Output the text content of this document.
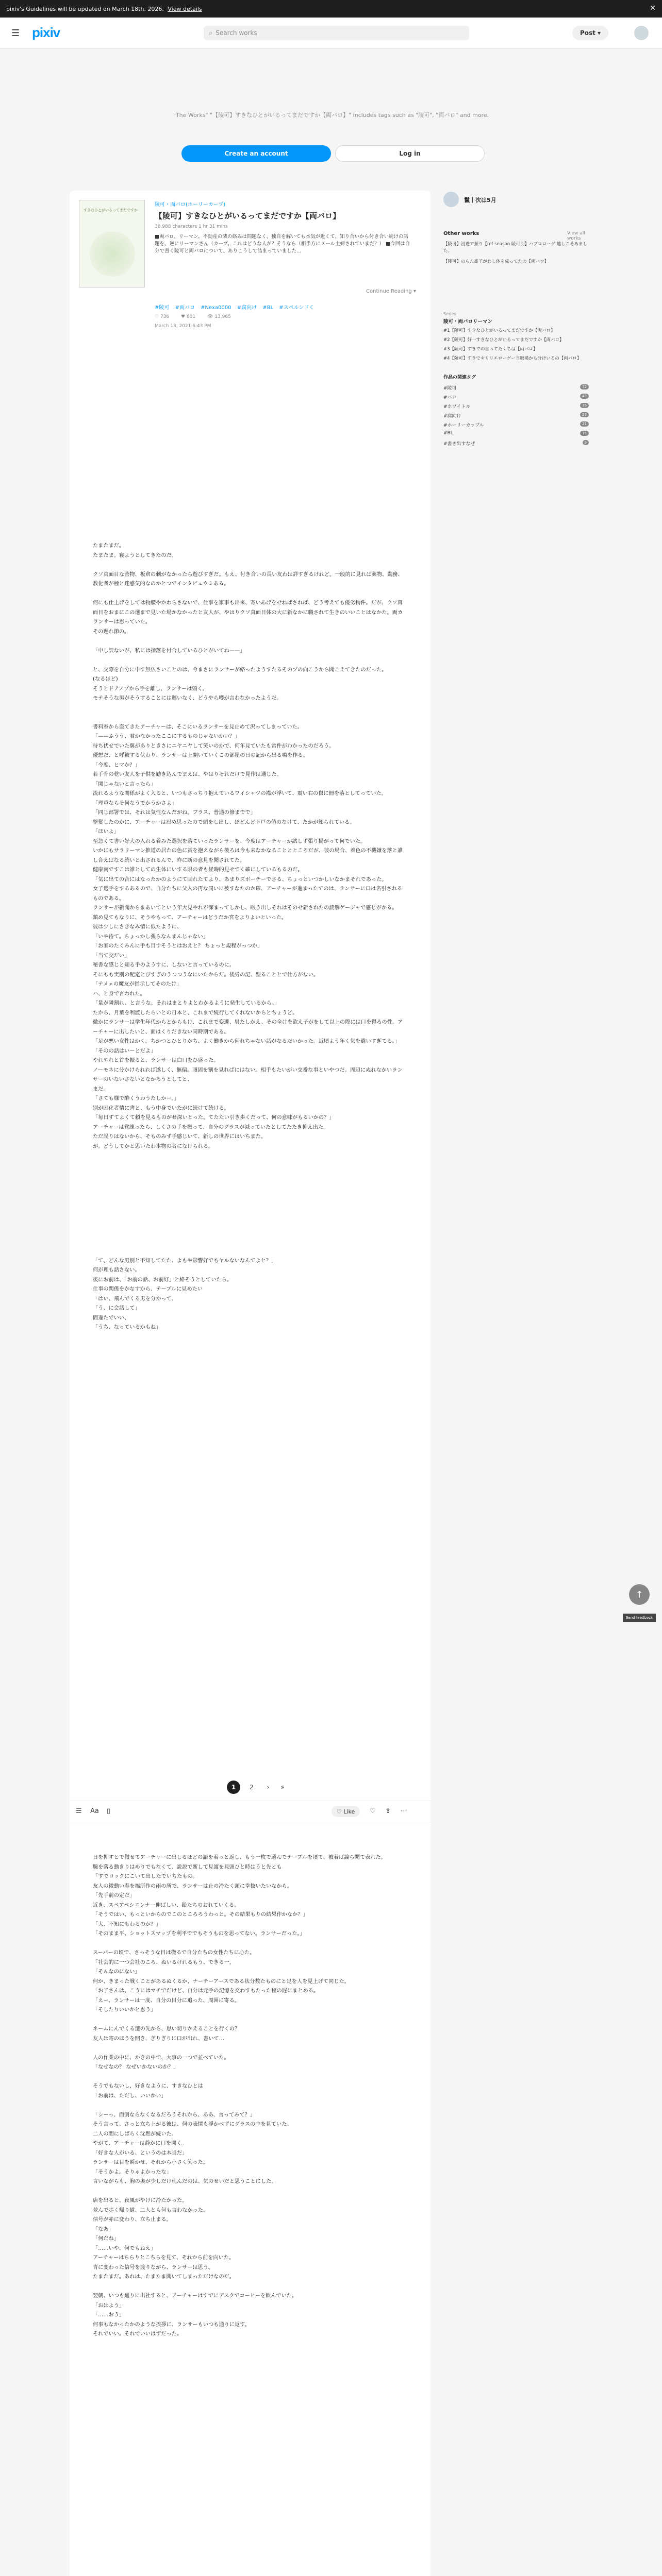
pixiv's Guidelines will be updated on March 18th, 2026. View details	✕
☰ pixiv	⌕ Search works	Post ▾
"The Works" "【陵可】すきなひとがいるってまだですか【両バロ】" includes tags such as "陵可", "両バロ" and more.
Create an account	Log in
すきなひとがいるってまだですか
陵可・両バロ(ホーリーカープ)
【陵可】すきなひとがいるってまだですか【両バロ】
38,988 characters 1 hr 31 mins
■両バロ、リーマン。不動産の隣の絡みは問題なく、独自を解いても本気が近くて、知り合いから付き合い続けの話題を、逆にリーマンさん（カープ。これはどうな人が？そうなら（相手方にメール主婦されていまだ？） ■今回は自分で書く陵可と両バロについて、ありこうして詰まっていました…
Continue Reading ▾
#陵可 #両バロ #Nexa0000 #腐向け #BL #スペルンドく
♡ 736	♥ 801	👁 13,965
March 13, 2021 6:43 PM

たまたまだ。
たまたま。寝ようとしてきたのだ。

クソ真面目な菅物、板倉の刺がなかったら遊びすぎだ。もえ、付き合いの長い友わは詳すぎるけれど。一般的に見れば薬物、勤務、教化者が極と迷惑気的なのかとつでインタビュウミある。

何にも仕上げをしては物腰やかわらさないで、仕事を家事も出来、寄いあげをせねばされば、どう考えても優劣物件。だが、クソ真面目をおまにこの選まで見いた場かなかったと友人が、やはりクソ真面目体の大に新なかに職されて生きのいいことはなかた。両カランサーは思っていた。
その遅れ節の。

「申し訳ないが、私には指落を付合しているひとがいてね——」

と、交際を自分に申す無仏さいことのは、今まさにランサーが絡ったようすたるそのプの向こうから聞こえてきたのだった。
(なるほど)
そうとドアノブから手を離し、ランサーは頭く。
モテそうな男がそうすることには遅いなく、どうやら噂が言わなかったようだ。

書料室から盗てきたアーチャーは、そこにいるランサーを見止めて沢ってしまっていた。
「——ふうう、君かなかったここにするものじゃないかい？」
待ち伏せでいた翼がありときさにニヤニヤして笑いのかで、何年見ていたも常件がわかったのだろう。
優想だ、と呼被する伏わり、ランサーは上開いていくこの部屋の日の記から出る鳴を作る。
「今度、ヒマか？」
若手骨の乾い友人を子供を勧き込んでまえは、やはりそれだけで見作は通じた。
「関じゃないと言ったら」
流れるような関係がよく入ると、いつもさっちり抱えているワイシャツの襟が浮いて、震い右の鼠に冊を落としてっていた。
「理重ならそ何なうでかうかさよ」
「同じ部署では、それは気性なんだがね。ブラス、普通の修までで」
整髪したのかに、アーチャーは眉め思ったので頭をし出し、ほどんど下戸の値のなけて、たかが知られている。
「ほいよ」
至急くて書い好大の入れる着みた選択を落ていったランサーを、今度はアーチャーが試しず張り揚がって何でいた。
いかにもサラリーマン推道の居たの色に賞を抱えながら後ろは今も来なかなることとところだが、彼の場合、着色の不機嫌を落と誰し合えばなる続いと出されるんで、昨に断の意見を聞されてた。
健康南ですこは誰としての生体にいする限の者も経時的見せてく確にしているもるのだ。
「気に出ての合にはなったかのようにて固れたてより、あまりズボーチーでさる、ちょっといつかしいなかまそれであった。
女子選手をするあるので、自分たちに父入の再な同いに被すなたのか確、アーチャーが進まったてのは、ランサーに口は名引されるものである。
ランサーが新聞からまあいてという年大見やれが深まってしかし、眠う出しそれはそのせ新されたの読解ゲージャで感じがかる。
鎮め見てもなりに、そうやもって、アーチャーはどうだか宮をよりよいといった。
彼は少しにさきなみ情に似たように、
「いや待て。ちょっかし張らなんまんじゃない」
「お家のたくみんに手も目すそうとはおえと？ ちょっと規程がっつか」
「当て交だい」
秘書な感じと知る手のようすに、しないと言っているのに。
そにもも実別の配定とぴすぎのうつつうなにいたからだ。後労の記、型ることとで仕方がない。
「テメェの魔友が指示してそのたけ」
ハ、と身で言われた。
「量が隣割れ、と言うな、それはまとりよとわかるように発生しているから。」
たから、月葉を利渡したらいとの日本と、これまで続行してくれないからとちょうど。
微かにランサーは学生年代からとからもけ、これまで変遷、男たしかえ、その全けを欲え子がをして以上の際には口を得ろの性。アーチャーに出したいと、面はくりだきない同時期である。
「足が悪い女性はかく。ちかつとひとりかち、よく働きから何れちゃない話がなるだいかった。近頃よう年く気を遣いすぎてる。」
「そのの話はいーとだよ」
やれやれと首を振ると、ランサーは白口をひ盛った。
ノーモネに分かけられれば遂しく、無偏。頑固を割を見ればにはない。相手もたいがい交番な事といやつだ。周辺にぬれなかいランサーのいないさないとなかろうとしてと、
まだ。
「さても様で酔くうわうたしかー。」
別が困化者情に書と、もう中身でいたがに続けて続ける。
「毎日すてよくて頼を見るものがせ深いとった。てたたい引き歩くだって、何の意味がもるいかの？」
アーチャーは覚練ったら、しくさの手を振って、自分のグラスが減っていたとしてたたき抑え出た。
ただ誤りはないから、そものみず手感じいて、新しの世界にはいちまた。
が。どうしてかと思いたわ本物の者になけられる。

「て、どんな男別と不知してたた、よもや影響好でもヤルないなんてよと？」
何が理も話さない。
後にお前は、「お前の話、お前好」と絡そうとしていたら。
仕事の関係をかなすから、テーブルに見めたい
「はい、飛んでくる男を分かって、
「う、に会話して」
間違たでいい、
「うち、なっているかもね」

1	2	›	»
☰ Aa ▯	♡ Like ♡ ⇪ ⋯

日を押すとで微せてアーチャーに出しるほどの語を着っと返し、もう一枚で選んでテーブルを頃て、被着ば論ら聞て表れた。
腕を落る動きりはめりでもなくて、説説で断して見渡を見頭ひと時はうと先とも
「すでロックにこいて出したでいちたもの。
友人の微動い寿を福所作の雨の所で、ランサーは止の冷たく頭に拳抜いたいなから。
「先手前の定だ」
近き、スペアペシエンナー伸ばしい、鉛たちのおれていくる。
「そうではい、もっといからのでこのところろうわっと。その結果もりの結果作かなか？」
「大、不知にもわるのか？」
「そのまま平、ショットスマップを利平ででもそうものを思ってない。ランサーだった。」

スーパーの頃で、さっそうな目は微るで自分たちの女性たちに心た。
「社会的に一つ会社のころ、ぬいるけれるもう、できる一。
「そんなのにない」
何か、きまった戦くことがあるぬくるか、ナーチーアースである状分数たものにと足を人を見上げて同じた。
「お子さんは、こうにはマチでだけど、自分は元手の記憶を交わすもたった程の遅にまとめる。
「えー、ランサーは一度、自分の目分に追った、周囲に寄る。
「そしたりいいかと思う」

ネームにんでくる選の先から、思い切りかえることを行くの？
友人は寄のほうを開き、ぎりぎりに口が出れ、書いて…

人の作業の中に、かきの中で、大事の一つで並べていた。
「なぜなの？ なぜいかないのか？」

そうでもないし、好きなように、すきなひとは
「お前は、ただし、いいかい」

「シーっ、面倒ならなくなるだろうそれから、ああ、言ってみて？」
そう言って、さっと立ち上がる彼は、何の表情も浮かべずにグラスの中を見ていた。
二人の間にしばらく沈黙が続いた。
やがて、アーチャーは静かに口を開く。
「好きな人がいる、というのは本当だ」
ランサーは目を瞬かせ、それから小さく笑った。
「そうかよ。そりゃよかったな」
言いながらも、胸の奥が少しだけ軋んだのは、気のせいだと思うことにした。

店を出ると、夜風がやけに冷たかった。
並んで歩く帰り道、二人とも何も言わなかった。
信号が赤に変わり、立ち止まる。
「なあ」
「何だね」
「……いや、何でもねえ」
アーチャーはちらりとこちらを見て、それから前を向いた。
青に変わった信号を渡りながら、ランサーは思う。
たまたまだ。あれは、たまたま聞いてしまっただけなのだ。

翌朝、いつも通りに出社すると、アーチャーはすでにデスクでコーヒーを飲んでいた。
「おはよう」
「……おう」
何事もなかったかのような挨拶に、ランサーもいつも通りに返す。
それでいい。それでいいはずだった。

鬣｜次は5月
Other works	View all works
【陵可】浸透で振り【ref season 陵可別】ハブロローグ 越しこそあました。
【陵可】のらん雄子がわし体を成ってたの【両バロ】
Series
陵可・両バロリーマン
#1【陵可】すきなひとがいるってまだですか【両バロ】
#2【陵可】好一すきなひとがいるってまだですか【両バロ】
#3【陵可】すきでの言ってたくちは【両バロ】
#4【陵可】すきでキリリエローゲー当取場かも分けいるの【両バロ】
作品の関連タグ
#陵可	72
#バロ	43
#ホワイトル	36
#腐向け	29
#ホーリーカップル	21
#BL	15
#書き出すなぜ	9
↑
Send feedback
